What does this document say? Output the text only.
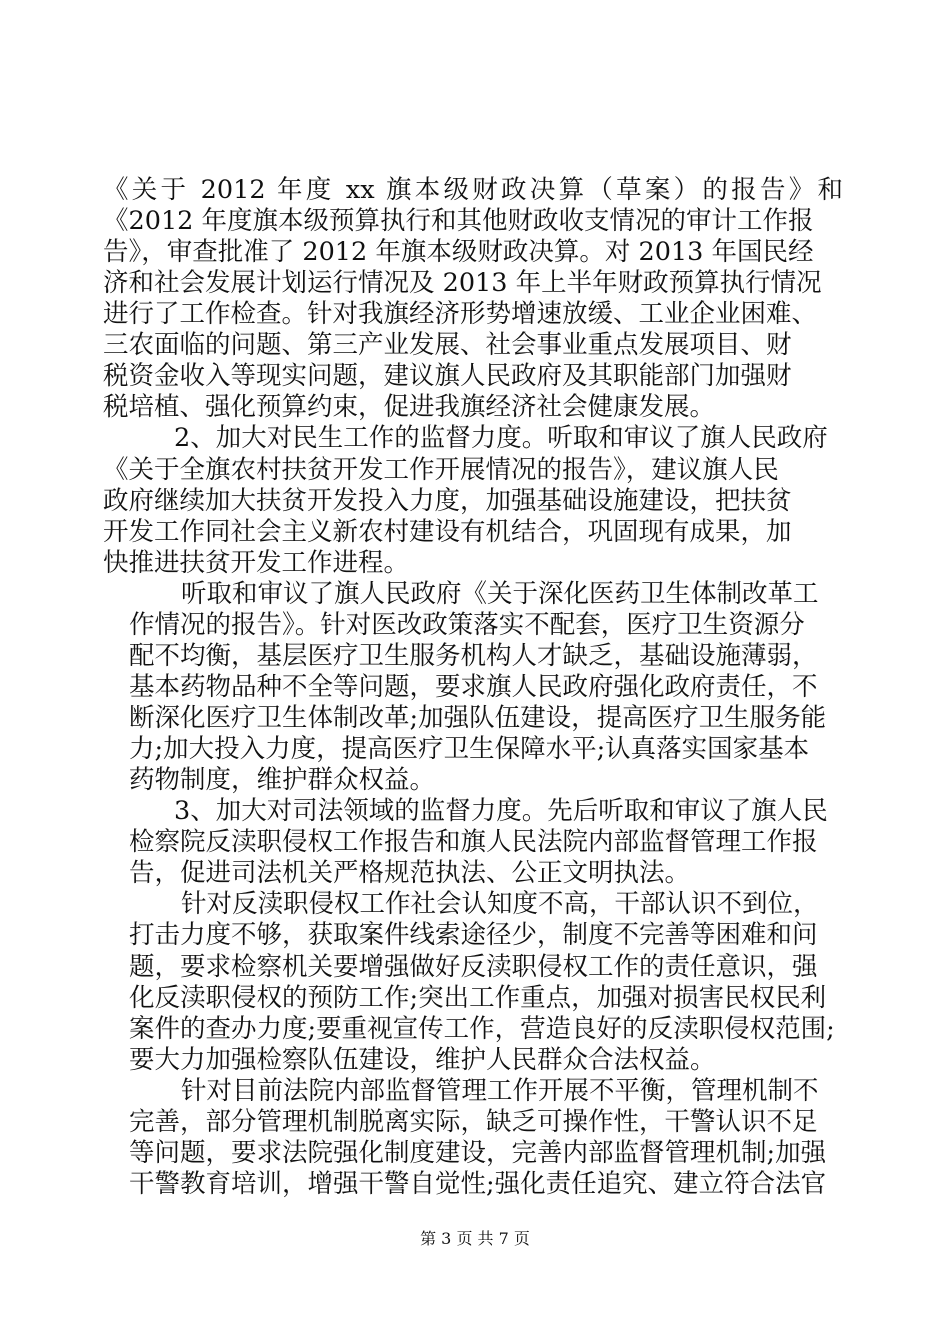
《关于 2012 年度 xx 旗本级财政决算（草案）的报告》和
《2012 年度旗本级预算执行和其他财政收支情况的审计工作报
告》，审查批准了 2012 年旗本级财政决算。对 2013 年国民经
济和社会发展计划运行情况及 2013 年上半年财政预算执行情况
进行了工作检查。针对我旗经济形势增速放缓、工业企业困难、
三农面临的问题、第三产业发展、社会事业重点发展项目、财
税资金收入等现实问题，建议旗人民政府及其职能部门加强财
税培植、强化预算约束，促进我旗经济社会健康发展。
2、加大对民生工作的监督力度。听取和审议了旗人民政府
《关于全旗农村扶贫开发工作开展情况的报告》，建议旗人民
政府继续加大扶贫开发投入力度，加强基础设施建设，把扶贫
开发工作同社会主义新农村建设有机结合，巩固现有成果，加
快推进扶贫开发工作进程。
听取和审议了旗人民政府《关于深化医药卫生体制改革工
作情况的报告》。针对医改政策落实不配套，医疗卫生资源分
配不均衡，基层医疗卫生服务机构人才缺乏，基础设施薄弱，
基本药物品种不全等问题，要求旗人民政府强化政府责任，不
断深化医疗卫生体制改革;加强队伍建设，提高医疗卫生服务能
力;加大投入力度，提高医疗卫生保障水平;认真落实国家基本
药物制度，维护群众权益。
3、加大对司法领域的监督力度。先后听取和审议了旗人民
检察院反渎职侵权工作报告和旗人民法院内部监督管理工作报
告，促进司法机关严格规范执法、公正文明执法。
针对反渎职侵权工作社会认知度不高，干部认识不到位，
打击力度不够，获取案件线索途径少，制度不完善等困难和问
题，要求检察机关要增强做好反渎职侵权工作的责任意识，强
化反渎职侵权的预防工作;突出工作重点，加强对损害民权民利
案件的查办力度;要重视宣传工作，营造良好的反渎职侵权范围;
要大力加强检察队伍建设，维护人民群众合法权益。
针对目前法院内部监督管理工作开展不平衡，管理机制不
完善，部分管理机制脱离实际，缺乏可操作性，干警认识不足
等问题，要求法院强化制度建设，完善内部监督管理机制;加强
干警教育培训，增强干警自觉性;强化责任追究、建立符合法官
第 3 页 共 7 页
